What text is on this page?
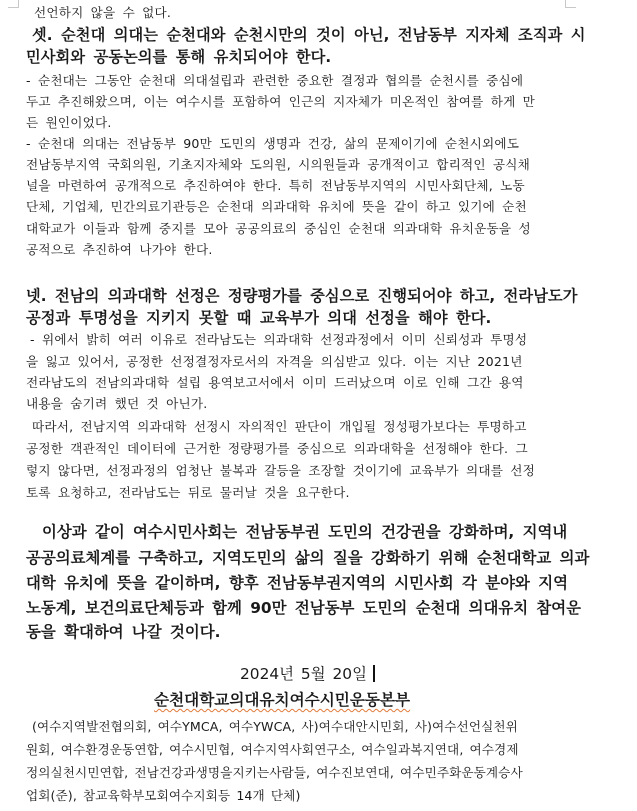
선언하지 않을 수 없다.
셋. 순천대 의대는 순천대와 순천시만의 것이 아닌, 전남동부 지자체 조직과 시
민사회와 공동논의를 통해 유치되어야 한다.
- 순천대는 그동안 순천대 의대설립과 관련한 중요한 결정과 협의를 순천시를 중심에
두고 추진해왔으며, 이는 여수시를 포함하여 인근의 지자체가 미온적인 참여를 하게 만
든 원인이었다.
- 순천대 의대는 전남동부 90만 도민의 생명과 건강, 삶의 문제이기에 순천시외에도
전남동부지역 국회의원, 기초지자체와 도의원, 시의원들과 공개적이고 합리적인 공식채
널을 마련하여 공개적으로 추진하여야 한다. 특히 전남동부지역의 시민사회단체, 노동
단체, 기업체, 민간의료기관등은 순천대 의과대학 유치에 뜻을 같이 하고 있기에 순천
대학교가 이들과 함께 중지를 모아 공공의료의 중심인 순천대 의과대학 유치운동을 성
공적으로 추진하여 나가야 한다.
넷. 전남의 의과대학 선정은 정량평가를 중심으로 진행되어야 하고, 전라남도가
공정과 투명성을 지키지 못할 때 교육부가 의대 선정을 해야 한다.
- 위에서 밝히 여러 이유로 전라남도는 의과대학 선정과정에서 이미 신뢰성과 투명성
을 잃고 있어서, 공정한 선정결정자로서의 자격을 의심받고 있다. 이는 지난 2021년
전라남도의 전남의과대학 설립 용역보고서에서 이미 드러났으며 이로 인해 그간 용역
내용을 숨기려 했던 것 아닌가.
따라서, 전남지역 의과대학 선정시 자의적인 판단이 개입될 정성평가보다는 투명하고
공정한 객관적인 데이터에 근거한 정량평가를 중심으로 의과대학을 선정해야 한다. 그
렇지 않다면, 선정과정의 엄청난 불복과 갈등을 조장할 것이기에 교육부가 의대를 선정
토록 요청하고, 전라남도는 뒤로 물러날 것을 요구한다.
이상과 같이 여수시민사회는 전남동부권 도민의 건강권을 강화하며, 지역내
공공의료체계를 구축하고, 지역도민의 삶의 질을 강화하기 위해 순천대학교 의과
대학 유치에 뜻을 같이하며, 향후 전남동부권지역의 시민사회 각 분야와 지역
노동계, 보건의료단체등과 함께 90만 전남동부 도민의 순천대 의대유치 참여운
동을 확대하여 나갈 것이다.
2024년 5월 20일
순천대학교의대유치여수시민운동본부
(여수지역발전협의회, 여수YMCA, 여수YWCA, 사)여수대안시민회, 사)여수선언실천위
원회, 여수환경운동연합, 여수시민협, 여수지역사회연구소, 여수일과복지연대, 여수경제
정의실천시민연합, 전남건강과생명을지키는사람들, 여수진보연대, 여수민주화운동계승사
업회(준), 참교육학부모회여수지회등 14개 단체)
